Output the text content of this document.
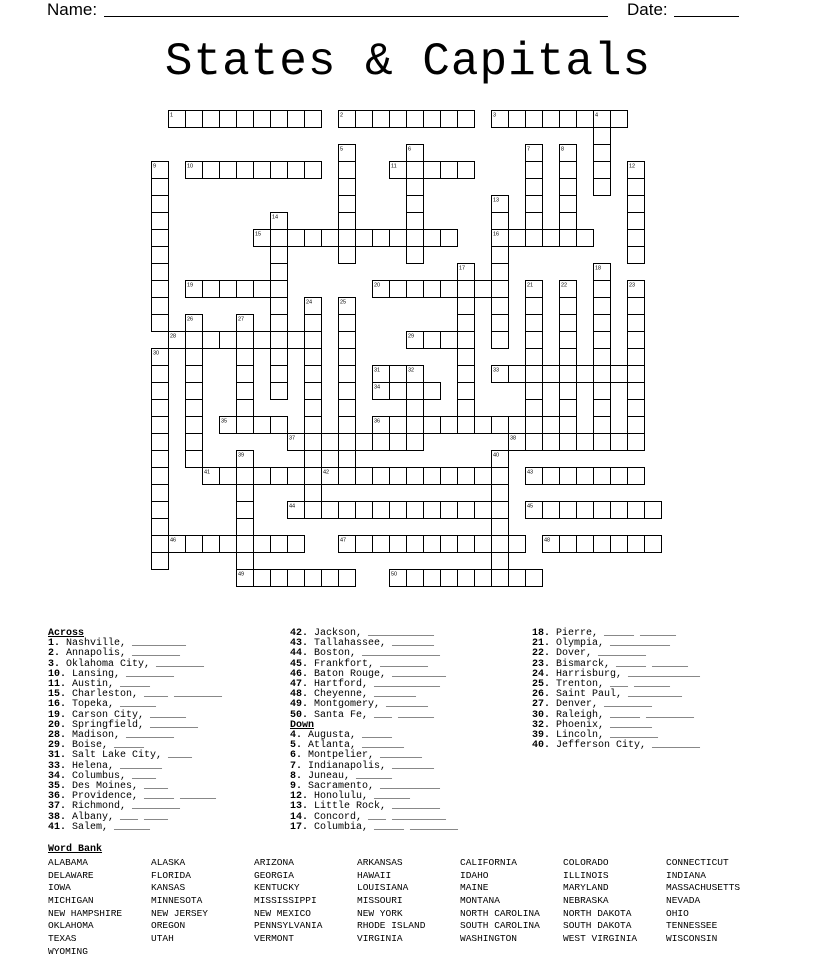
Name:	Date:
States & Capitals
1	2	3
10	11
15	16
19	20
28	29
31	33
34
35	36
37	38
41	42	43
44	45
46	47	48
49	50
4
5	6	7	8
9	12
13
14
17	18
21	22	23
24	25
26	27
30
32
39	40
Across
1. Nashville, _________
2. Annapolis, ________
3. Oklahoma City, ________
10. Lansing, ________
11. Austin, _____
15. Charleston, ____ ________
16. Topeka, ______
19. Carson City, ______
20. Springfield, ________
28. Madison, ________
29. Boise, _____
31. Salt Lake City, ____
33. Helena, _______
34. Columbus, ____
35. Des Moines, ____
36. Providence, _____ ______
37. Richmond, ________
38. Albany, ___ ____
41. Salem, ______
42. Jackson, ___________
43. Tallahassee, _______
44. Boston, _____________
45. Frankfort, ________
46. Baton Rouge, _________
47. Hartford, ___________
48. Cheyenne, _______
49. Montgomery, _______
50. Santa Fe, ___ ______
Down
4. Augusta, _____
5. Atlanta, _______
6. Montpelier, _______
7. Indianapolis, _______
8. Juneau, ______
9. Sacramento, __________
12. Honolulu, ______
13. Little Rock, ________
14. Concord, ___ _________
17. Columbia, _____ ________
18. Pierre, _____ ______
21. Olympia, __________
22. Dover, ________
23. Bismarck, _____ ______
24. Harrisburg, ____________
25. Trenton, ___ ______
26. Saint Paul, _________
27. Denver, ________
30. Raleigh, _____ ________
32. Phoenix, _______
39. Lincoln, ________
40. Jefferson City, ________
Word Bank
ALABAMA	ALASKA	ARIZONA	ARKANSAS	CALIFORNIA	COLORADO	CONNECTICUT
DELAWARE	FLORIDA	GEORGIA	HAWAII	IDAHO	ILLINOIS	INDIANA
IOWA	KANSAS	KENTUCKY	LOUISIANA	MAINE	MARYLAND	MASSACHUSETTS
MICHIGAN	MINNESOTA	MISSISSIPPI	MISSOURI	MONTANA	NEBRASKA	NEVADA
NEW HAMPSHIRE	NEW JERSEY	NEW MEXICO	NEW YORK	NORTH CAROLINA	NORTH DAKOTA	OHIO
OKLAHOMA	OREGON	PENNSYLVANIA	RHODE ISLAND	SOUTH CAROLINA	SOUTH DAKOTA	TENNESSEE
TEXAS	UTAH	VERMONT	VIRGINIA	WASHINGTON	WEST VIRGINIA	WISCONSIN
WYOMING
